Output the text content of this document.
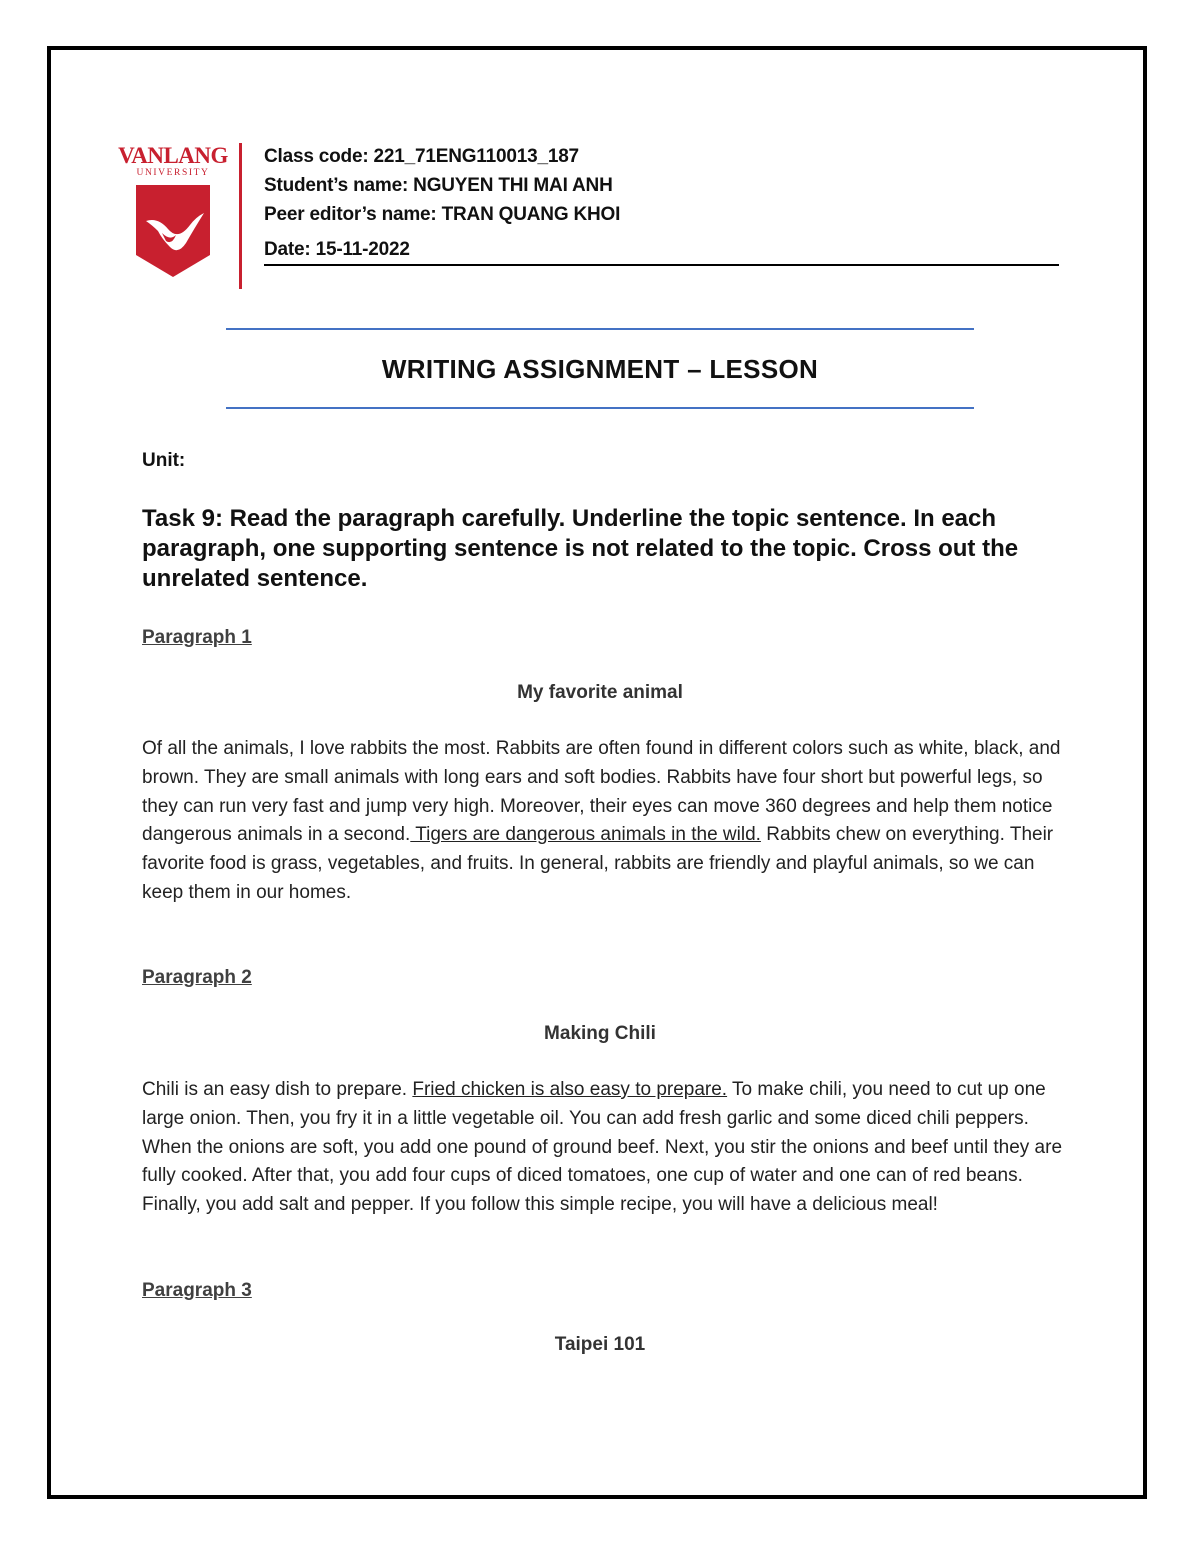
VANLANG
UNIVERSITY
Class code: 221_71ENG110013_187
Student’s name: NGUYEN THI MAI ANH
Peer editor’s name: TRAN QUANG KHOI
Date: 15-11-2022
WRITING ASSIGNMENT – LESSON
Unit:
Task 9: Read the paragraph carefully. Underline the topic sentence. In each paragraph, one supporting sentence is not related to the topic. Cross out the unrelated sentence.
Paragraph 1
My favorite animal
Of all the animals, I love rabbits the most. Rabbits are often found in different colors such as white, black, and brown. They are small animals with long ears and soft bodies. Rabbits have four short but powerful legs, so they can run very fast and jump very high. Moreover, their eyes can move 360 degrees and help them notice dangerous animals in a second. Tigers are dangerous animals in the wild. Rabbits chew on everything. Their favorite food is grass, vegetables, and fruits. In general, rabbits are friendly and playful animals, so we can keep them in our homes.
Paragraph 2
Making Chili
Chili is an easy dish to prepare. Fried chicken is also easy to prepare. To make chili, you need to cut up one large onion. Then, you fry it in a little vegetable oil. You can add fresh garlic and some diced chili peppers. When the onions are soft, you add one pound of ground beef. Next, you stir the onions and beef until they are fully cooked. After that, you add four cups of diced tomatoes, one cup of water and one can of red beans. Finally, you add salt and pepper. If you follow this simple recipe, you will have a delicious meal!
Paragraph 3
Taipei 101
